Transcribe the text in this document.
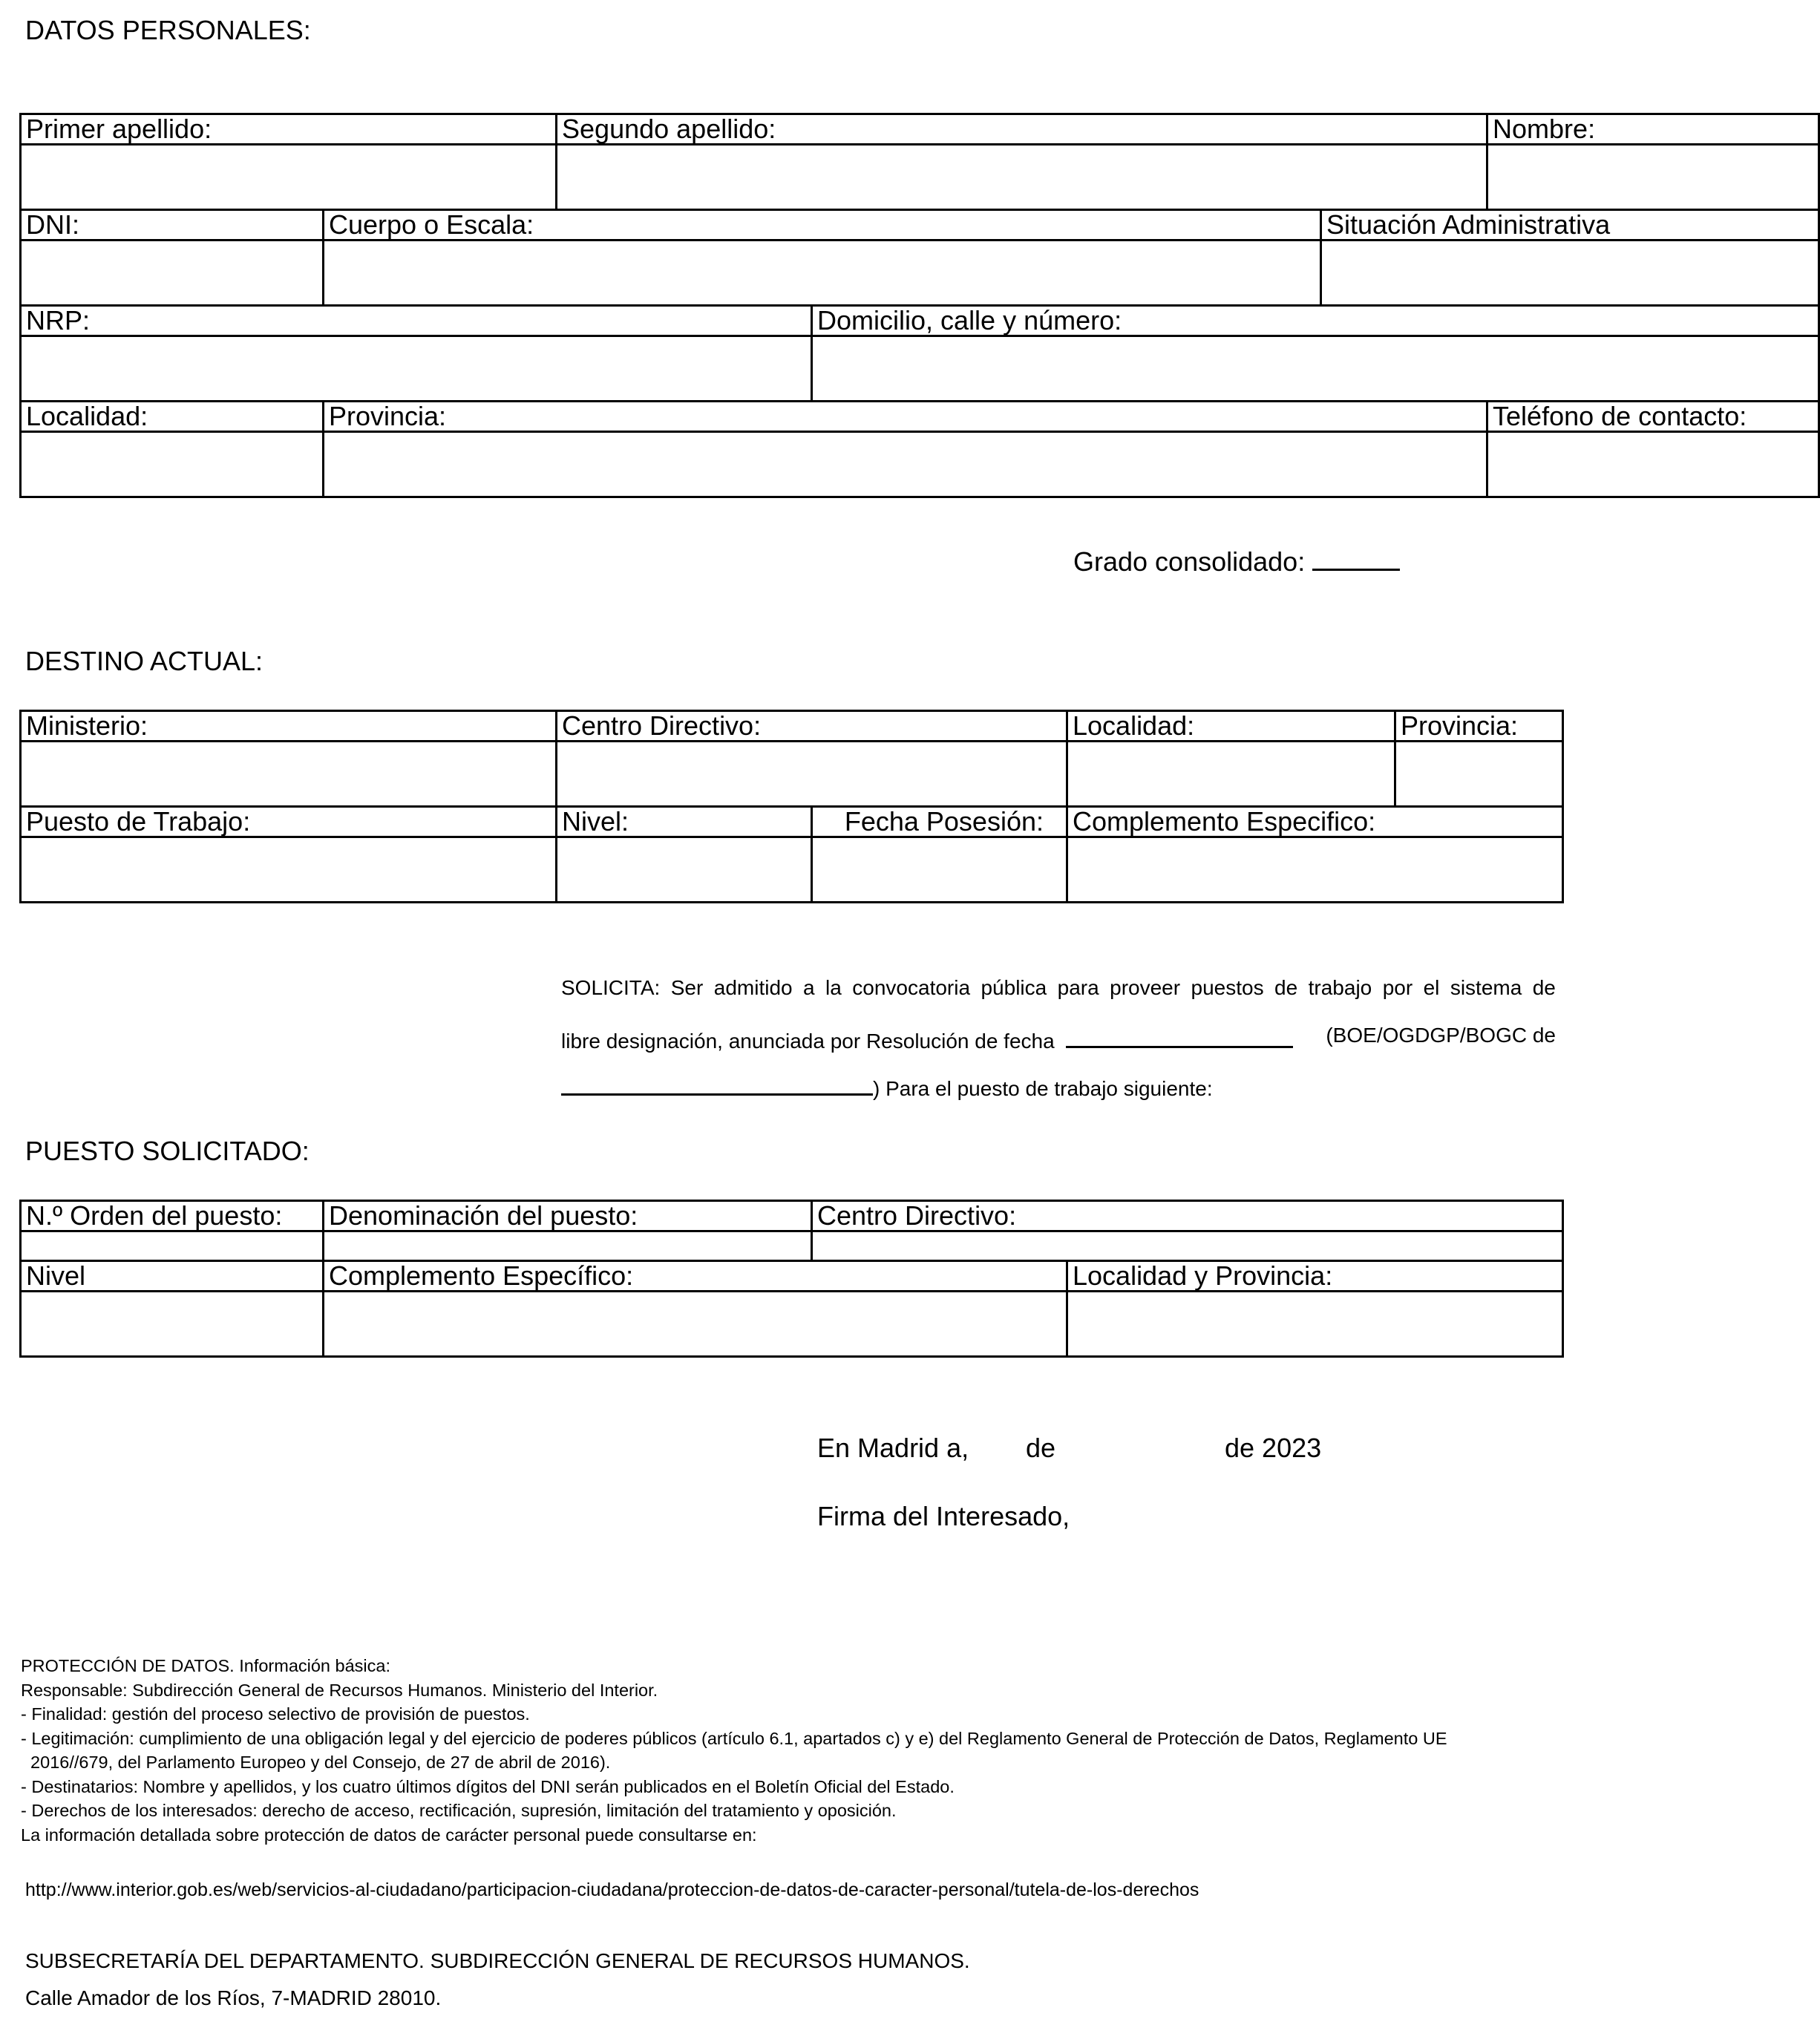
DATOS PERSONALES:
Primer apellido:		Segundo apellido:			Nombre:

DNI:	Cuerpo o Escala:			Situación Administrativa	

NRP:			Domicilio, calle y número:		

Localidad:	Provincia:				Teléfono de contacto:

Grado consolidado:
DESTINO ACTUAL:
Ministerio:	Centro Directivo:		Localidad:	Provincia:

Puesto de Trabajo:	Nivel:	Fecha Posesión:	Complemento Especifico:	

SOLICITA: Ser admitido a la convocatoria pública para proveer puestos de trabajo por el sistema de
libre designación, anunciada por Resolución de fecha	(BOE/OGDGP/BOGC de
) Para el puesto de trabajo siguiente:
PUESTO SOLICITADO:
N.º Orden del puesto:	Denominación del puesto:	Centro Directivo:	

Nivel	Complemento Específico:		Localidad y Provincia:

En Madrid a, de	de 2023
Firma del Interesado,
PROTECCIÓN DE DATOS. Información básica:
Responsable: Subdirección General de Recursos Humanos. Ministerio del Interior.
- Finalidad: gestión del proceso selectivo de provisión de puestos.
- Legitimación: cumplimiento de una obligación legal y del ejercicio de poderes públicos (artículo 6.1, apartados c) y e) del Reglamento General de Protección de Datos, Reglamento UE
2016//679, del Parlamento Europeo y del Consejo, de 27 de abril de 2016).
- Destinatarios: Nombre y apellidos, y los cuatro últimos dígitos del DNI serán publicados en el Boletín Oficial del Estado.
- Derechos de los interesados: derecho de acceso, rectificación, supresión, limitación del tratamiento y oposición.
La información detallada sobre protección de datos de carácter personal puede consultarse en:
http://www.interior.gob.es/web/servicios-al-ciudadano/participacion-ciudadana/proteccion-de-datos-de-caracter-personal/tutela-de-los-derechos
SUBSECRETARÍA DEL DEPARTAMENTO. SUBDIRECCIÓN GENERAL DE RECURSOS HUMANOS.
Calle Amador de los Ríos, 7-MADRID 28010.
